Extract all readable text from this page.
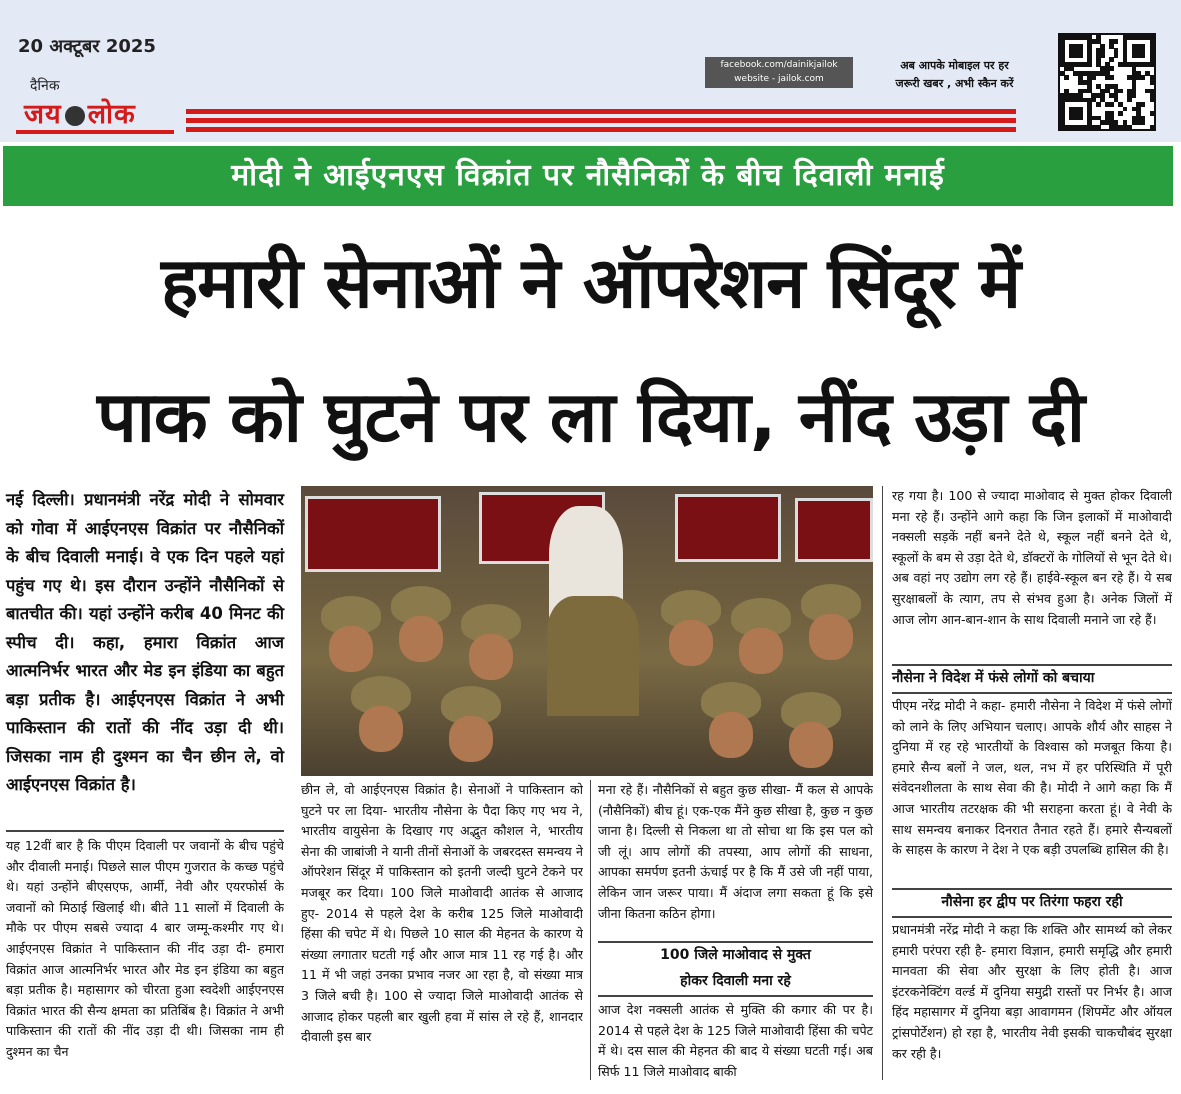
20 अक्टूबर 2025
दैनिक
जय लोक
facebook.com/dainikjailok
website - jailok.com
अब आपके मोबाइल पर हर
जरूरी खबर , अभी स्कैन करें
मोदी ने आईएनएस विक्रांत पर नौसैनिकों के बीच दिवाली मनाई
हमारी सेनाओं ने ऑपरेशन सिंदूर में
पाक को घुटने पर ला दिया, नींद उड़ा दी
नई दिल्ली। प्रधानमंत्री नरेंद्र मोदी ने सोमवार को गोवा में आईएनएस विक्रांत पर नौसैनिकों के बीच दिवाली मनाई। वे एक दिन पहले यहां पहुंच गए थे। इस दौरान उन्होंने नौसैनिकों से बातचीत की। यहां उन्होंने करीब 40 मिनट की स्पीच दी। कहा, हमारा विक्रांत आज आत्मनिर्भर भारत और मेड इन इंडिया का बहुत बड़ा प्रतीक है। आईएनएस विक्रांत ने अभी पाकिस्तान की रातों की नींद उड़ा दी थी। जिसका नाम ही दुश्मन का चैन छीन ले, वो आईएनएस विक्रांत है।
यह 12वीं बार है कि पीएम दिवाली पर जवानों के बीच पहुंचे और दीवाली मनाई। पिछले साल पीएम गुजरात के कच्छ पहुंचे थे। यहां उन्होंने बीएसएफ, आर्मी, नेवी और एयरफोर्स के जवानों को मिठाई खिलाई थी। बीते 11 सालों में दिवाली के मौके पर पीएम सबसे ज्यादा 4 बार जम्मू-कश्मीर गए थे। आईएनएस विक्रांत ने पाकिस्तान की नींद उड़ा दी- हमारा विक्रांत आज आत्मनिर्भर भारत और मेड इन इंडिया का बहुत बड़ा प्रतीक है। महासागर को चीरता हुआ स्वदेशी आईएनएस विक्रांत भारत की सैन्य क्षमता का प्रतिबिंब है। विक्रांत ने अभी पाकिस्तान की रातों की नींद उड़ा दी थी। जिसका नाम ही दुश्मन का चैन
छीन ले, वो आईएनएस विक्रांत है। सेनाओं ने पाकिस्तान को घुटने पर ला दिया- भारतीय नौसेना के पैदा किए गए भय ने, भारतीय वायुसेना के दिखाए गए अद्भुत कौशल ने, भारतीय सेना की जाबांजी ने यानी तीनों सेनाओं के जबरदस्त समन्वय ने ऑपरेशन सिंदूर में पाकिस्तान को इतनी जल्दी घुटने टेकने पर मजबूर कर दिया। 100 जिले माओवादी आतंक से आजाद हुए- 2014 से पहले देश के करीब 125 जिले माओवादी हिंसा की चपेट में थे। पिछले 10 साल की मेहनत के कारण ये संख्या लगातार घटती गई और आज मात्र 11 रह गई है। और 11 में भी जहां उनका प्रभाव नजर आ रहा है, वो संख्या मात्र 3 जिले बची है। 100 से ज्यादा जिले माओवादी आतंक से आजाद होकर पहली बार खुली हवा में सांस ले रहे हैं, शानदार दीवाली इस बार
मना रहे हैं। नौसैनिकों से बहुत कुछ सीखा- मैं कल से आपके (नौसैनिकों) बीच हूं। एक-एक मैंने कुछ सीखा है, कुछ न कुछ जाना है। दिल्ली से निकला था तो सोचा था कि इस पल को जी लूं। आप लोगों की तपस्या, आप लोगों की साधना, आपका समर्पण इतनी ऊंचाई पर है कि मैं उसे जी नहीं पाया, लेकिन जान जरूर पाया। मैं अंदाज लगा सकता हूं कि इसे जीना कितना कठिन होगा।
100 जिले माओवाद से मुक्त
होकर दिवाली मना रहे
आज देश नक्सली आतंक से मुक्ति की कगार की पर है। 2014 से पहले देश के 125 जिले माओवादी हिंसा की चपेट में थे। दस साल की मेहनत की बाद ये संख्या घटती गई। अब सिर्फ 11 जिले माओवाद बाकी
रह गया है। 100 से ज्यादा माओवाद से मुक्त होकर दिवाली मना रहे हैं। उन्होंने आगे कहा कि जिन इलाकों में माओवादी नक्सली सड़कें नहीं बनने देते थे, स्कूल नहीं बनने देते थे, स्कूलों के बम से उड़ा देते थे, डॉक्टरों के गोलियों से भून देते थे। अब वहां नए उद्योग लग रहे हैं। हाईवे-स्कूल बन रहे हैं। ये सब सुरक्षाबलों के त्याग, तप से संभव हुआ है। अनेक जिलों में आज लोग आन-बान-शान के साथ दिवाली मनाने जा रहे हैं।
नौसेना ने विदेश में फंसे लोगों को बचाया
पीएम नरेंद्र मोदी ने कहा- हमारी नौसेना ने विदेश में फंसे लोगों को लाने के लिए अभियान चलाए। आपके शौर्य और साहस ने दुनिया में रह रहे भारतीयों के विश्वास को मजबूत किया है। हमारे सैन्य बलों ने जल, थल, नभ में हर परिस्थिति में पूरी संवेदनशीलता के साथ सेवा की है। मोदी ने आगे कहा कि मैं आज भारतीय तटरक्षक की भी सराहना करता हूं। वे नेवी के साथ समन्वय बनाकर दिनरात तैनात रहते हैं। हमारे सैन्यबलों के साहस के कारण ने देश ने एक बड़ी उपलब्धि हासिल की है।
नौसेना हर द्वीप पर तिरंगा फहरा रही
प्रधानमंत्री नरेंद्र मोदी ने कहा कि शक्ति और सामर्थ्य को लेकर हमारी परंपरा रही है- हमारा विज्ञान, हमारी समृद्धि और हमारी मानवता की सेवा और सुरक्षा के लिए होती है। आज इंटरकनेक्टिंग वर्ल्ड में दुनिया समुद्री रास्तों पर निर्भर है। आज हिंद महासागर में दुनिया बड़ा आवागमन (शिपमेंट और ऑयल ट्रांसपोर्टेशन) हो रहा है, भारतीय नेवी इसकी चाकचौबंद सुरक्षा कर रही है।
